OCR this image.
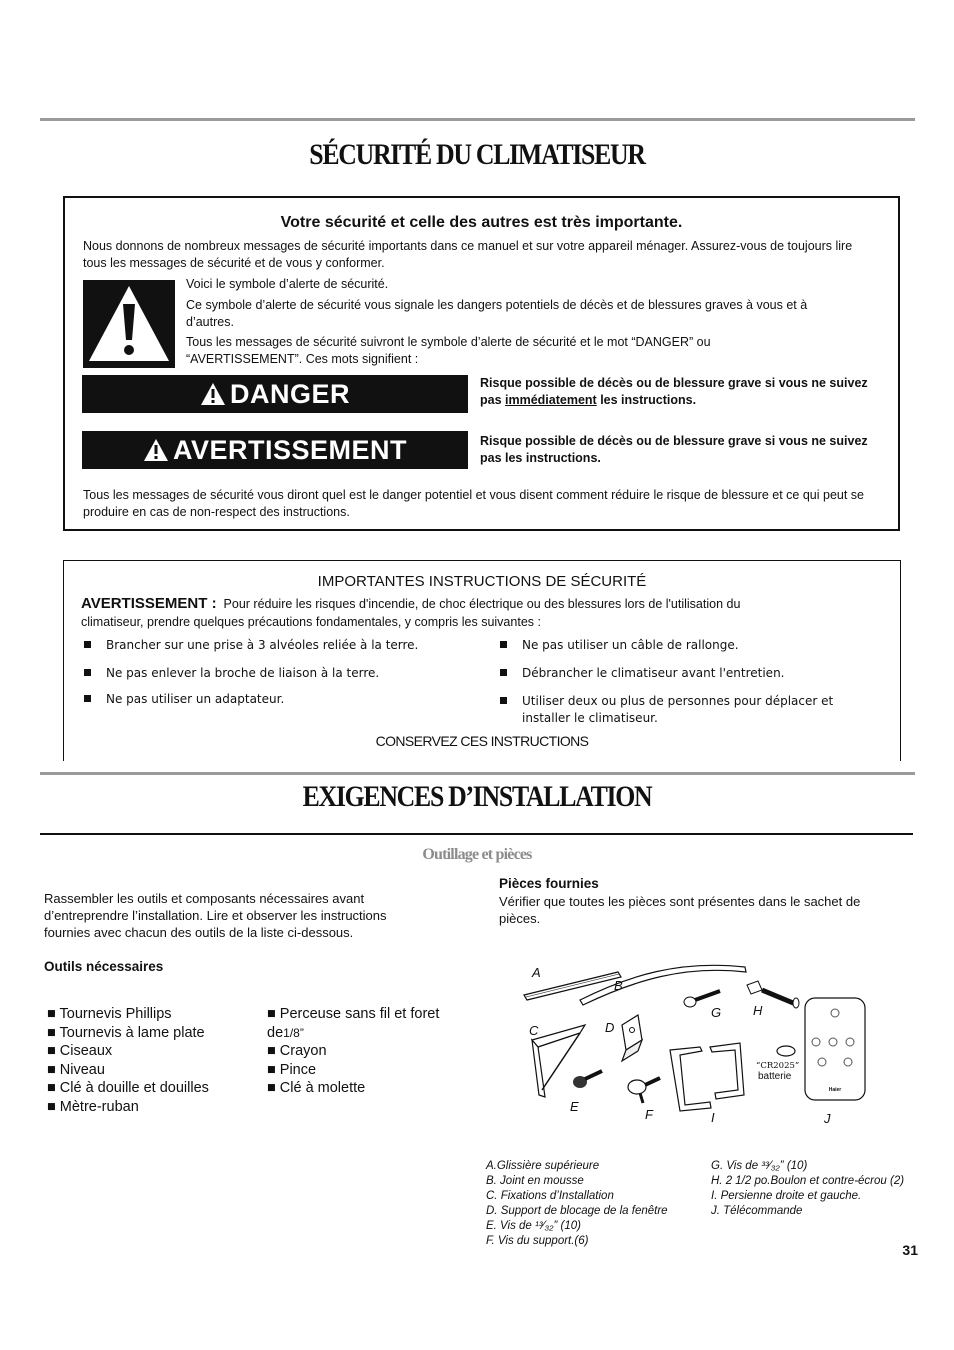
SÉCURITÉ DU CLIMATISEUR
Votre sécurité et celle des autres est très importante.
Nous donnons de nombreux messages de sécurité importants dans ce manuel et sur votre appareil ménager. Assurez-vous de toujours lire tous les messages de sécurité et de vous y conformer.
Voici le symbole d’alerte de sécurité.
Ce symbole d’alerte de sécurité vous signale les dangers potentiels de décès et de blessures graves à vous et à d’autres.
Tous les messages de sécurité suivront le symbole d’alerte de sécurité et le mot “DANGER” ou “AVERTISSEMENT”. Ces mots signifient :
DANGER	Risque possible de décès ou de blessure grave si vous ne suivez pas immédiatement les instructions.
AVERTISSEMENT	Risque possible de décès ou de blessure grave si vous ne suivez pas les instructions.
Tous les messages de sécurité vous diront quel est le danger potentiel et vous disent comment réduire le risque de blessure et ce qui peut se produire en cas de non-respect des instructions.
IMPORTANTES INSTRUCTIONS DE SÉCURITÉ
AVERTISSEMENT : Pour réduire les risques d'incendie, de choc électrique ou des blessures lors de l'utilisation du
climatiseur, prendre quelques précautions fondamentales, y compris les suivantes :
Brancher sur une prise à 3 alvéoles reliée à la terre.
Ne pas enlever la broche de liaison à la terre.
Ne pas utiliser un adaptateur.
Ne pas utiliser un câble de rallonge.
Débrancher le climatiseur avant l'entretien.
Utiliser deux ou plus de personnes pour déplacer et installer le climatiseur.
CONSERVEZ CES INSTRUCTIONS
EXIGENCES D’INSTALLATION
Outillage et pièces
Rassembler les outils et composants nécessaires avant d’entreprendre l’installation. Lire et observer les instructions fournies avec chacun des outils de la liste ci-dessous.
Outils nécessaires
■ Tournevis Phillips
■ Tournevis à lame plate
■ Ciseaux
■ Niveau
■ Clé à douille et douilles
■ Mètre-ruban
■ Perceuse sans fil et foret
de1/8”
■ Crayon
■ Pince
■ Clé à molette
Pièces fournies
Vérifier que toutes les pièces sont présentes dans le sachet de pièces.
Haier
A
B
C	D
E
F
G H
I	J
“CR2025”
batterie
A.Glissière supérieure
B. Joint en mousse
C. Fixations d’Installation
D. Support de blocage de la fenêtre
E. Vis de ¹³⁄₃₂” (10)
F. Vis du support.(6)
G. Vis de ³³⁄₃₂” (10)
H. 2 1/2 po.Boulon et contre-écrou (2)
I. Persienne droite et gauche.
J. Télécommande
31
